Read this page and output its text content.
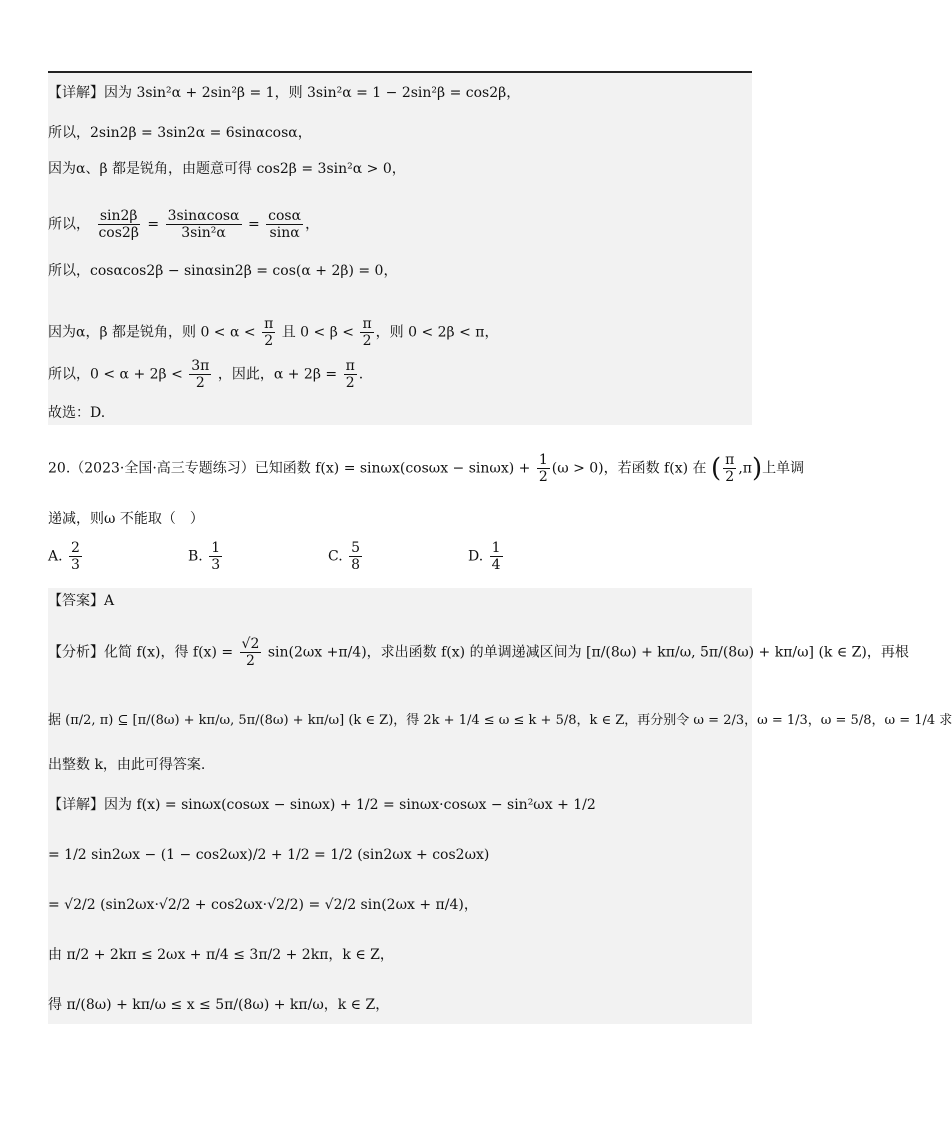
【详解】因为 3sin²α + 2sin²β = 1，则 3sin²α = 1 − 2sin²β = cos2β，
所以，2sin2β = 3sin2α = 6sinαcosα，
因为α、β 都是锐角，由题意可得 cos2β = 3sin²α > 0，
所以， $\frac{\sin 2\beta}{\cos 2\beta} = \frac{3\sin\alpha\cos\alpha}{\text{3sin²α}} = \frac{\cos\alpha}{\sin\alpha}$ ，
所以，cosαcos2β − sinαsin2β = cos(α + 2β) = 0，
因为α，β 都是锐角，则 $0 < \alpha < \frac{\pi}{2}$ 且 $0 < \beta < \frac{\pi}{2}$ ，则 0 < 2β < π，
所以，$0 < \alpha + 2\beta < \frac{3\pi}{2}$ ，因此，$\alpha + 2\beta = \frac{\pi}{2}$ .
故选：D.
20.（2023·全国·高三专题练习）已知函数 $f(x) = \sin\omega x(\cos\omega x - \sin\omega x) + \frac{1}{2} (\omega > 0)$，若函数 f(x) 在 ( $\frac{\pi}{2} ,\pi$)上单调
递减，则ω 不能取（　）
A. $\frac{2}{3}$	B. $\frac{1}{3}$	C. $\frac{5}{8}$	D. $\frac{1}{4}$
【答案】A
【分析】化简 f(x)，得 $f(x) = \frac{√2}{2} \sin(2\omega x +\pi/4)$，求出函数 f(x) 的单调递减区间为 [π/(8ω) + kπ/ω, 5π/(8ω) + kπ/ω] (k ∈ Z)，再根
据 (π/2, π) ⊆ [π/(8ω) + kπ/ω, 5π/(8ω) + kπ/ω] (k ∈ Z)，得 2k + 1/4 ≤ ω ≤ k + 5/8，k ∈ Z，再分别令 ω = 2/3，ω = 1/3，ω = 5/8，ω = 1/4 求
出整数 k，由此可得答案.
【详解】因为 f(x) = sinωx(cosωx − sinωx) + 1/2 = sinωx·cosωx − sin²ωx + 1/2
= 1/2 sin2ωx − (1 − cos2ωx)/2 + 1/2 = 1/2 (sin2ωx + cos2ωx)
= √2/2 (sin2ωx·√2/2 + cos2ωx·√2/2) = √2/2 sin(2ωx + π/4)，
由 π/2 + 2kπ ≤ 2ωx + π/4 ≤ 3π/2 + 2kπ，k ∈ Z，
得 π/(8ω) + kπ/ω ≤ x ≤ 5π/(8ω) + kπ/ω，k ∈ Z，
